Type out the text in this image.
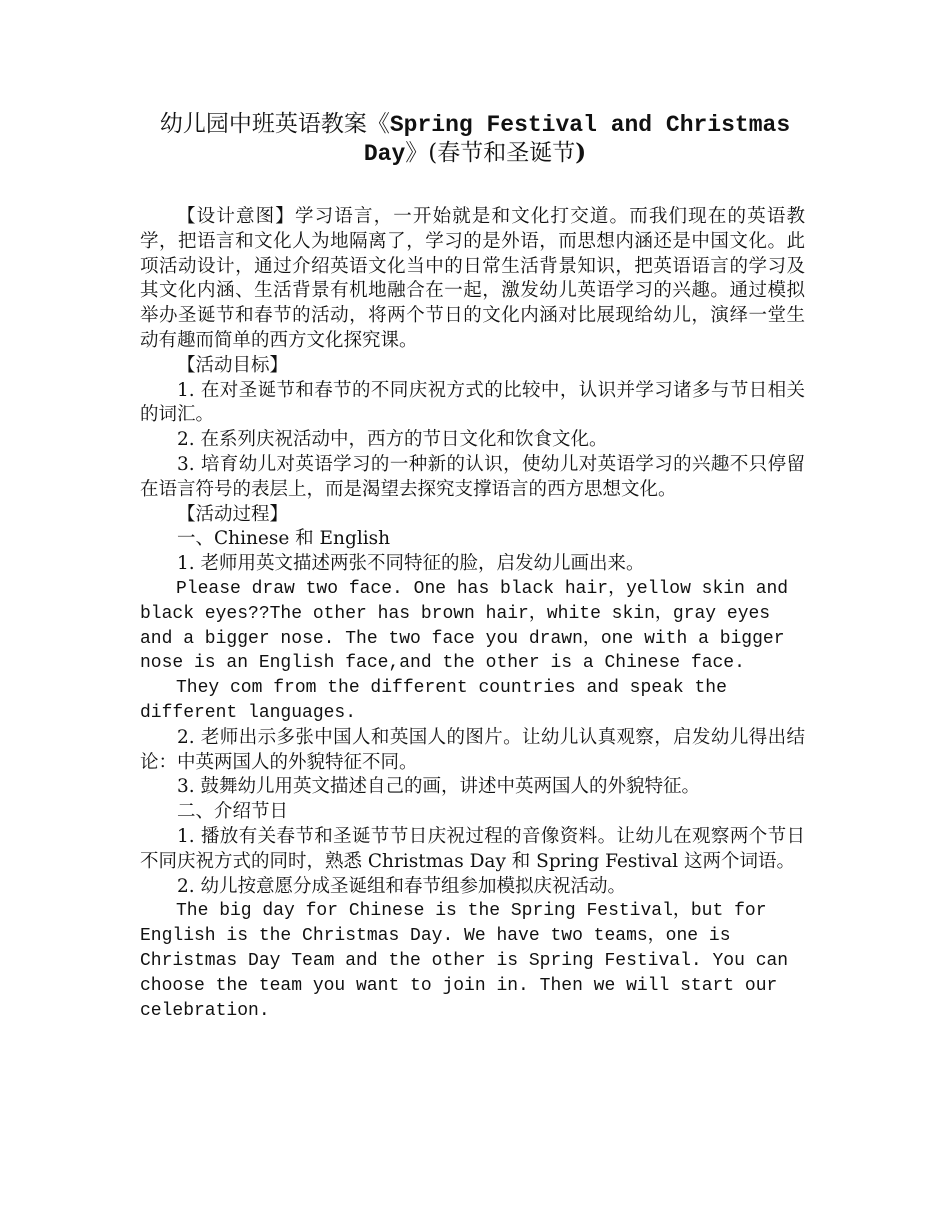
幼儿园中班英语教案《Spring Festival and Christmas Day》(春节和圣诞节)

【设计意图】学习语言，一开始就是和文化打交道。而我们现在的英语教学，把语言和文化人为地隔离了，学习的是外语，而思想内涵还是中国文化。此项活动设计，通过介绍英语文化当中的日常生活背景知识，把英语语言的学习及其文化内涵、生活背景有机地融合在一起，激发幼儿英语学习的兴趣。通过模拟举办圣诞节和春节的活动，将两个节日的文化内涵对比展现给幼儿，演绎一堂生动有趣而简单的西方文化探究课。

【活动目标】

1. 在对圣诞节和春节的不同庆祝方式的比较中，认识并学习诸多与节日相关的词汇。

2. 在系列庆祝活动中，西方的节日文化和饮食文化。

3. 培育幼儿对英语学习的一种新的认识，使幼儿对英语学习的兴趣不只停留在语言符号的表层上，而是渴望去探究支撑语言的西方思想文化。

【活动过程】

一、Chinese 和 English

1. 老师用英文描述两张不同特征的脸，启发幼儿画出来。

Please draw two face. One has black hair，yellow skin and black eyes??The other has brown hair，white skin，gray eyes and a bigger nose. The two face you drawn，one with a bigger nose is an English face,and the other is a Chinese face.

They com from the different countries and speak the different languages.

2. 老师出示多张中国人和英国人的图片。让幼儿认真观察，启发幼儿得出结论：中英两国人的外貌特征不同。

3. 鼓舞幼儿用英文描述自己的画，讲述中英两国人的外貌特征。

二、介绍节日

1. 播放有关春节和圣诞节节日庆祝过程的音像资料。让幼儿在观察两个节日不同庆祝方式的同时，熟悉 Christmas Day 和 Spring Festival 这两个词语。

2. 幼儿按意愿分成圣诞组和春节组参加模拟庆祝活动。

The big day for Chinese is the Spring Festival，but for English is the Christmas Day. We have two teams，one is Christmas Day Team and the other is Spring Festival. You can choose the team you want to join in. Then we will start our celebration.
